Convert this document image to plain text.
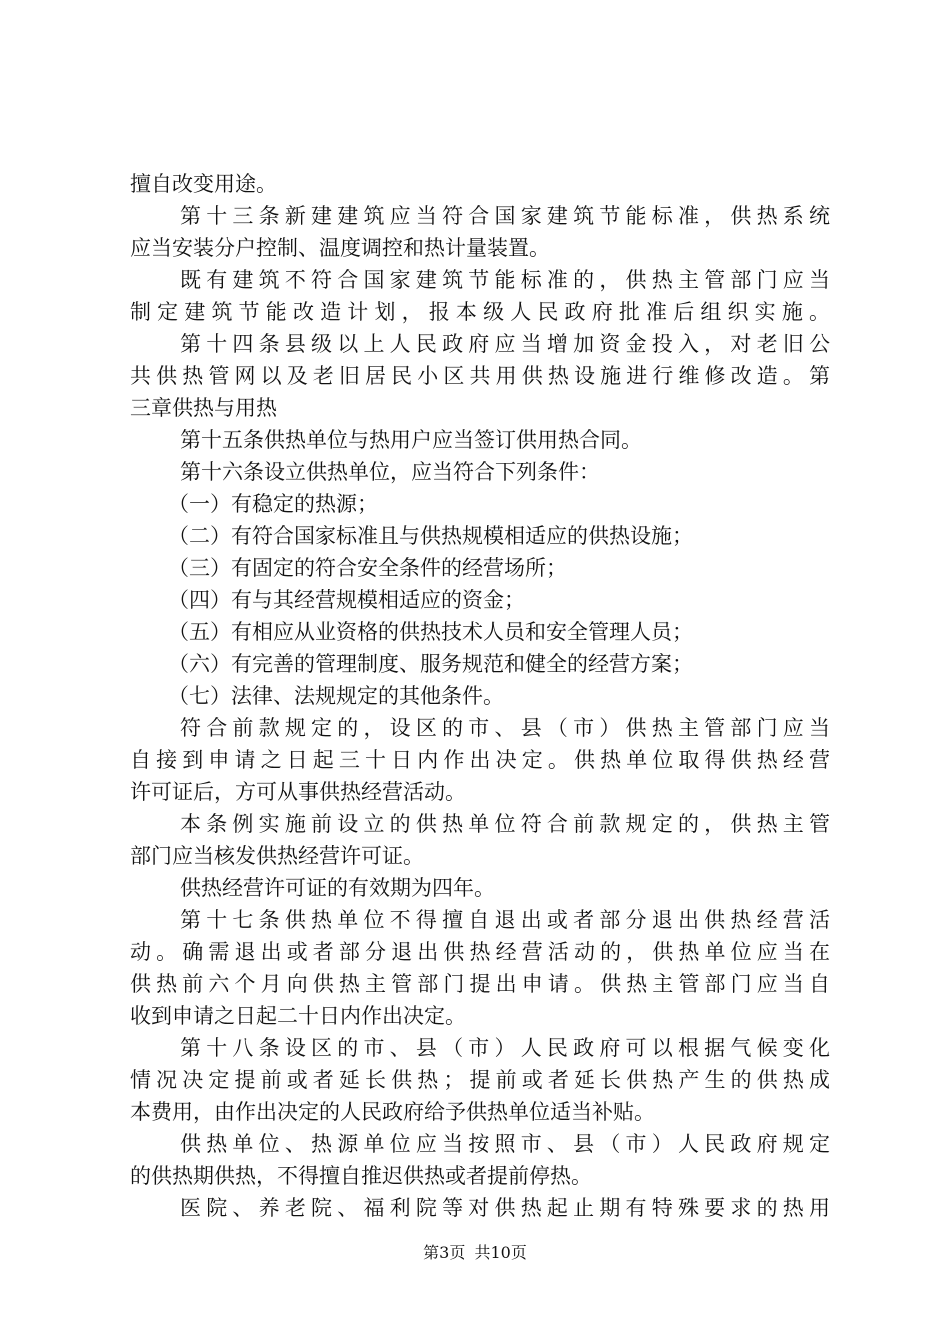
擅自改变用途。
第十三条新建建筑应当符合国家建筑节能标准，供热系统
应当安装分户控制、温度调控和热计量装置。
既有建筑不符合国家建筑节能标准的，供热主管部门应当
制定建筑节能改造计划，报本级人民政府批准后组织实施。
第十四条县级以上人民政府应当增加资金投入，对老旧公
共供热管网以及老旧居民小区共用供热设施进行维修改造。第
三章供热与用热
第十五条供热单位与热用户应当签订供用热合同。
第十六条设立供热单位，应当符合下列条件：
（一）有稳定的热源；
（二）有符合国家标准且与供热规模相适应的供热设施；
（三）有固定的符合安全条件的经营场所；
（四）有与其经营规模相适应的资金；
（五）有相应从业资格的供热技术人员和安全管理人员；
（六）有完善的管理制度、服务规范和健全的经营方案；
（七）法律、法规规定的其他条件。
符合前款规定的，设区的市、县（市）供热主管部门应当
自接到申请之日起三十日内作出决定。供热单位取得供热经营
许可证后，方可从事供热经营活动。
本条例实施前设立的供热单位符合前款规定的，供热主管
部门应当核发供热经营许可证。
供热经营许可证的有效期为四年。
第十七条供热单位不得擅自退出或者部分退出供热经营活
动。确需退出或者部分退出供热经营活动的，供热单位应当在
供热前六个月向供热主管部门提出申请。供热主管部门应当自
收到申请之日起二十日内作出决定。
第十八条设区的市、县（市）人民政府可以根据气候变化
情况决定提前或者延长供热；提前或者延长供热产生的供热成
本费用，由作出决定的人民政府给予供热单位适当补贴。
供热单位、热源单位应当按照市、县（市）人民政府规定
的供热期供热，不得擅自推迟供热或者提前停热。
医院、养老院、福利院等对供热起止期有特殊要求的热用
第3页 共10页
